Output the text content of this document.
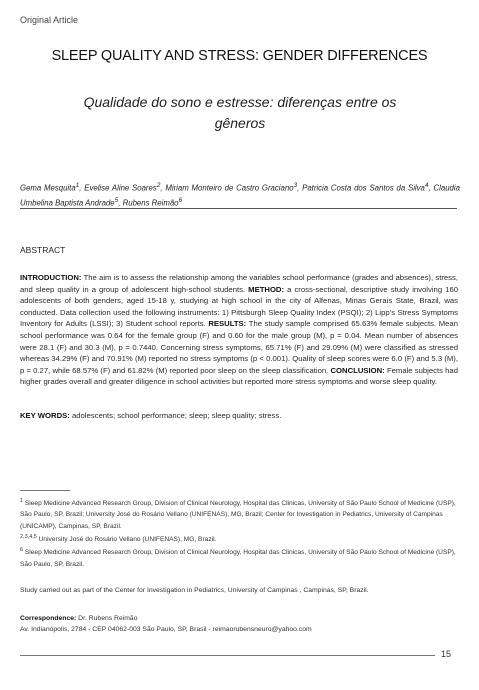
Original Article
SLEEP QUALITY AND STRESS: GENDER DIFFERENCES
Qualidade do sono e estresse: diferenças entre os gêneros
Gema Mesquita$^1$, Evelise Aline Soares$^2$, Miriam Monteiro de Castro Graciano$^3$, Patricia Costa dos Santos da Silva$^4$, Claudia Umbelina Baptista Andrade$^5$, Rubens Reimão$^6$
ABSTRACT
INTRODUCTION: The aim is to assess the relationship among the variables school performance (grades and absences), stress, and sleep quality in a group of adolescent high-school students. METHOD: a cross-sectional, descriptive study involving 160 adolescents of both genders, aged 15-18 y, studying at high school in the city of Alfenas, Minas Gerais State, Brazil, was conducted. Data collection used the following instruments: 1) Pittsburgh Sleep Quality Index (PSQI); 2) Lipp’s Stress Symptoms Inventory for Adults (LSSI); 3) Student school reports. RESULTS: The study sample comprised 65.63% female subjects. Mean school performance was 0.64 for the female group (F) and 0.60 for the male group (M), p = 0.04. Mean number of absences were 28.1 (F) and 30.3 (M), p = 0.7440. Concerning stress symptoms, 65.71% (F) and 29.09% (M) were classified as stressed whereas 34.29% (F) and 70.91% (M) reported no stress symptoms (p < 0.001). Quality of sleep scores were 6.0 (F) and 5.3 (M), p = 0.27, while 68.57% (F) and 61.82% (M) reported poor sleep on the sleep classification. CONCLUSION: Female subjects had higher grades overall and greater diligence in school activities but reported more stress symptoms and worse sleep quality.
KEY WORDS: adolescents; school performance; sleep; sleep quality; stress.

$^1$ Sleep Medicine Advanced Research Group, Division of Clinical Neurology, Hospital das Clinicas, University of São Paulo School of Medicine (USP), São Paulo, SP, Brazil; University José do Rosário Vellano (UNIFENAS), MG, Brazil; Center for Investigation in Pediatrics, University of Campinas (UNICAMP), Campinas, SP, Brazil.

$^{2,3,4,5}$ University José do Rosário Vellano (UNIFENAS), MG, Brazil.

$^6$ Sleep Medicine Advanced Research Group, Division of Clinical Neurology, Hospital das Clinicas, University of São Paulo School of Medicine (USP), São Paulo, SP, Brazil.

Study carried out as part of the Center for Investigation in Pediatrics, University of Campinas , Campinas, SP, Brazil.
Correspondence: Dr. Rubens Reimão
Av. Indianópolis, 2784 - CEP 04062-003 São Paulo, SP, Brasil - reimaorubensneuro@yahoo.com
15
